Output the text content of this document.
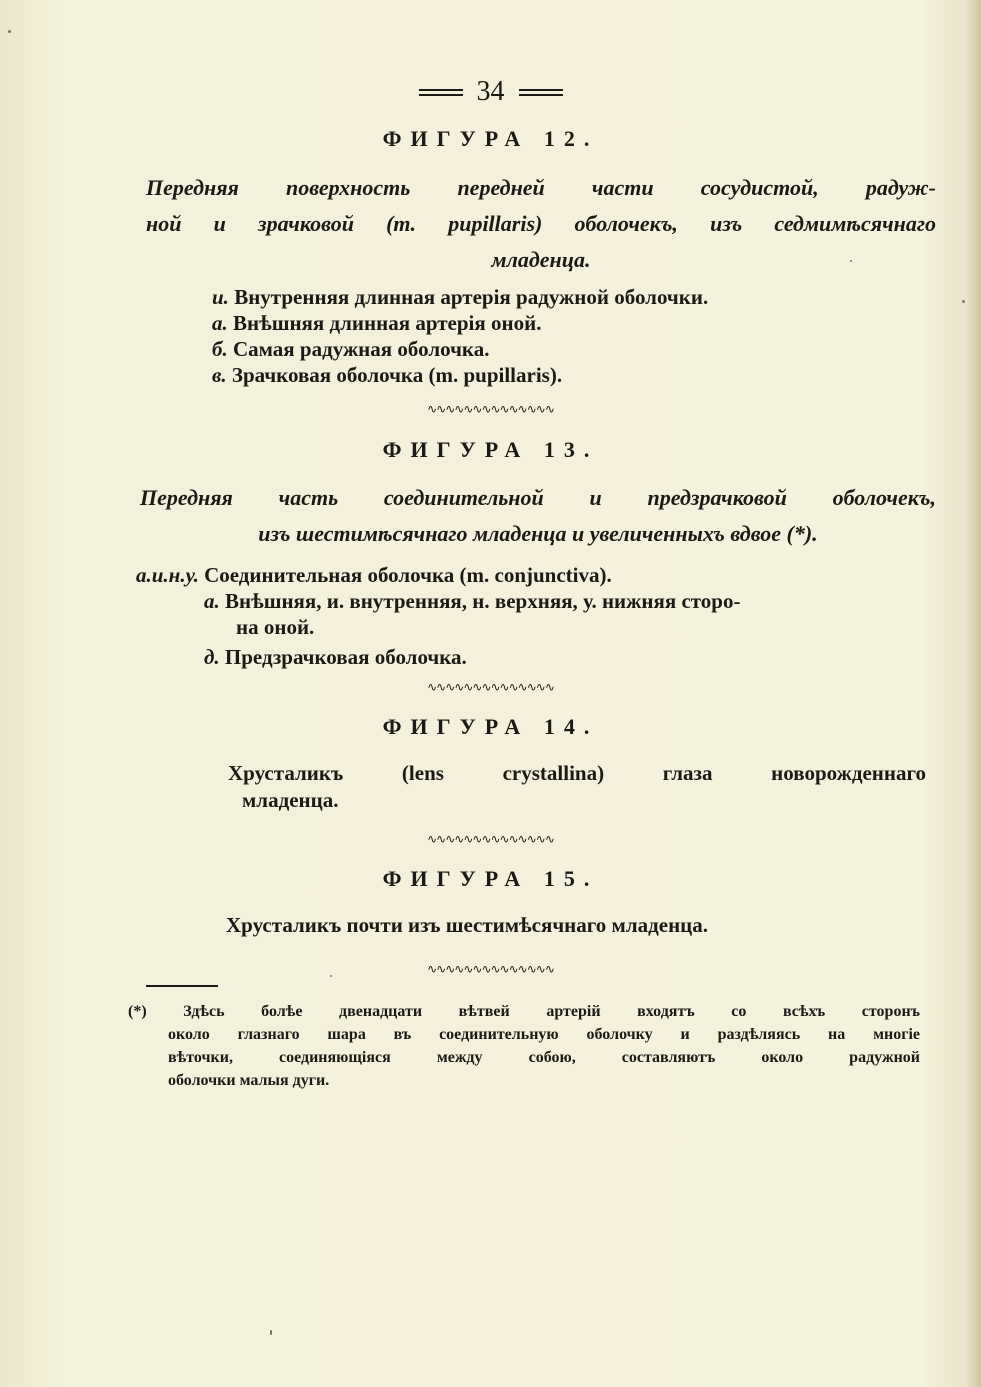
34
ФИГУРА 12.
Передняя поверхность передней части сосудистой, радуж-
ной и зрачковой (m. pupillaris) оболочекъ, изъ седмимѣсячнаго
младенца.
и. Внутренняя длинная артерія радужной оболочки.
а. Внѣшняя длинная артерія оной.
б. Самая радужная оболочка.
в. Зрачковая оболочка (m. pupillaris).
∿∿∿∿∿∿∿∿∿∿∿∿∿∿
ФИГУРА 13.
Передняя часть соединительной и предзрачковой оболочекъ,
изъ шестимѣсячнаго младенца и увеличенныхъ вдвое (*).
а.и.н.у. Соединительная оболочка (m. conjunctiva).
а. Внѣшняя, и. внутренняя, н. верхняя, у. нижняя сторо-
на оной.
д. Предзрачковая оболочка.
∿∿∿∿∿∿∿∿∿∿∿∿∿∿
ФИГУРА 14.
Хрусталикъ (lens crystallina) глаза новорожденнаго
младенца.
∿∿∿∿∿∿∿∿∿∿∿∿∿∿
ФИГУРА 15.
Хрусталикъ почти изъ шестимѣсячнаго младенца.
∿∿∿∿∿∿∿∿∿∿∿∿∿∿
(*) Здѣсь болѣе двенадцати вѣтвей артерій входятъ со всѣхъ сторонъ
около глазнаго шара въ соединительную оболочку и раздѣляясь на многіе
вѣточки, соединяющіяся между собою, составляютъ около радужной
оболочки малыя дуги.
